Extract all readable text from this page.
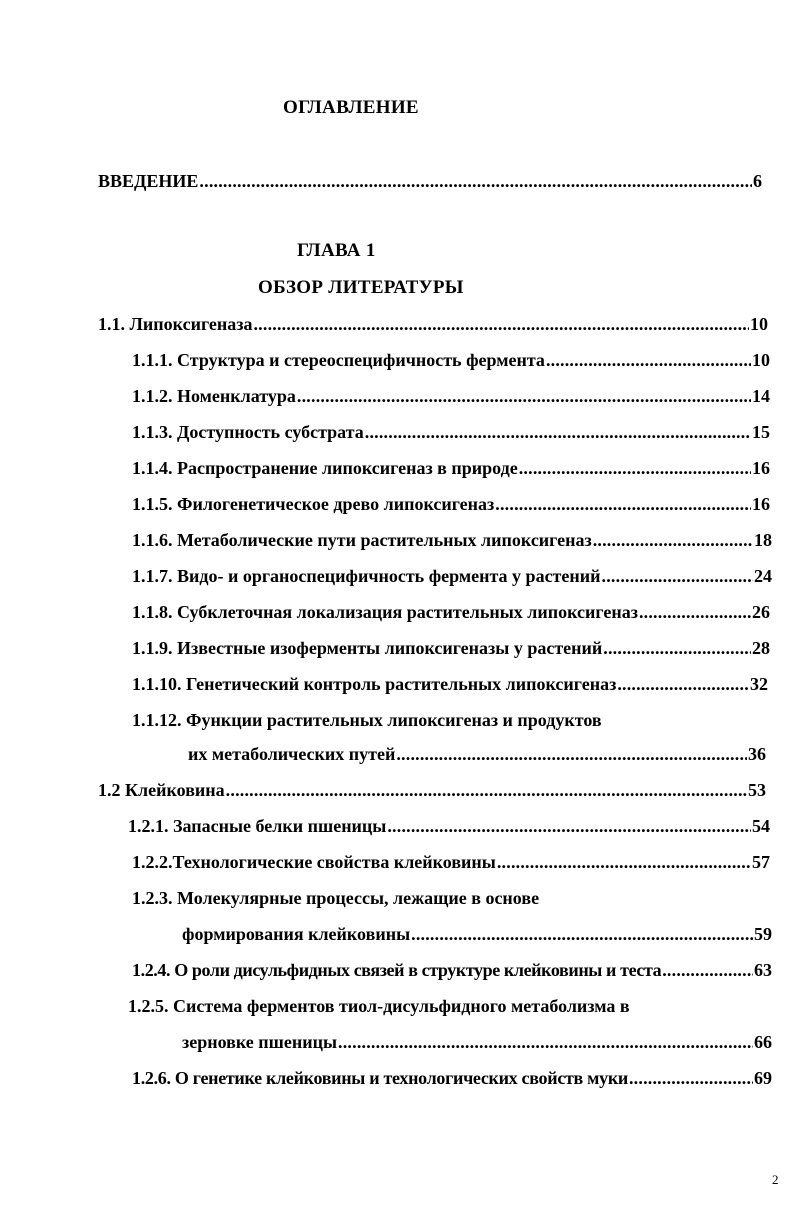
ОГЛАВЛЕНИЕ
ВВЕДЕНИЕ .....	6
ГЛАВА 1
ОБЗОР ЛИТЕРАТУРЫ
1.1. Липоксигеназа .....	10
1.1.1. Структура и стереоспецифичность фермента .....	10
1.1.2. Номенклатура .....	14
1.1.3. Доступность субстрата .....	15
1.1.4. Распространение липоксигеназ в природе .....	16
1.1.5. Филогенетическое древо липоксигеназ .....	16
1.1.6. Метаболические пути растительных липоксигеназ .....	18
1.1.7. Видо- и органоспецифичность фермента у растений .....	24
1.1.8. Субклеточная локализация растительных липоксигеназ .....	26
1.1.9. Известные изоферменты липоксигеназы у растений .....	28
1.1.10. Генетический контроль растительных липоксигеназ .....	32
1.1.12. Функции растительных липоксигеназ и продуктов
их метаболических путей .....	36
1.2 Клейковина .....	53
1.2.1. Запасные белки пшеницы .....	54
1.2.2.Технологические свойства клейковины .....	57
1.2.3. Молекулярные процессы, лежащие в основе
формирования клейковины .....	59
1.2.4. О роли дисульфидных связей в структуре клейковины и теста .....	63
1.2.5. Система ферментов тиол-дисульфидного метаболизма в
зерновке пшеницы .....	66
1.2.6. О генетике клейковины и технологических свойств муки .....	69
2
